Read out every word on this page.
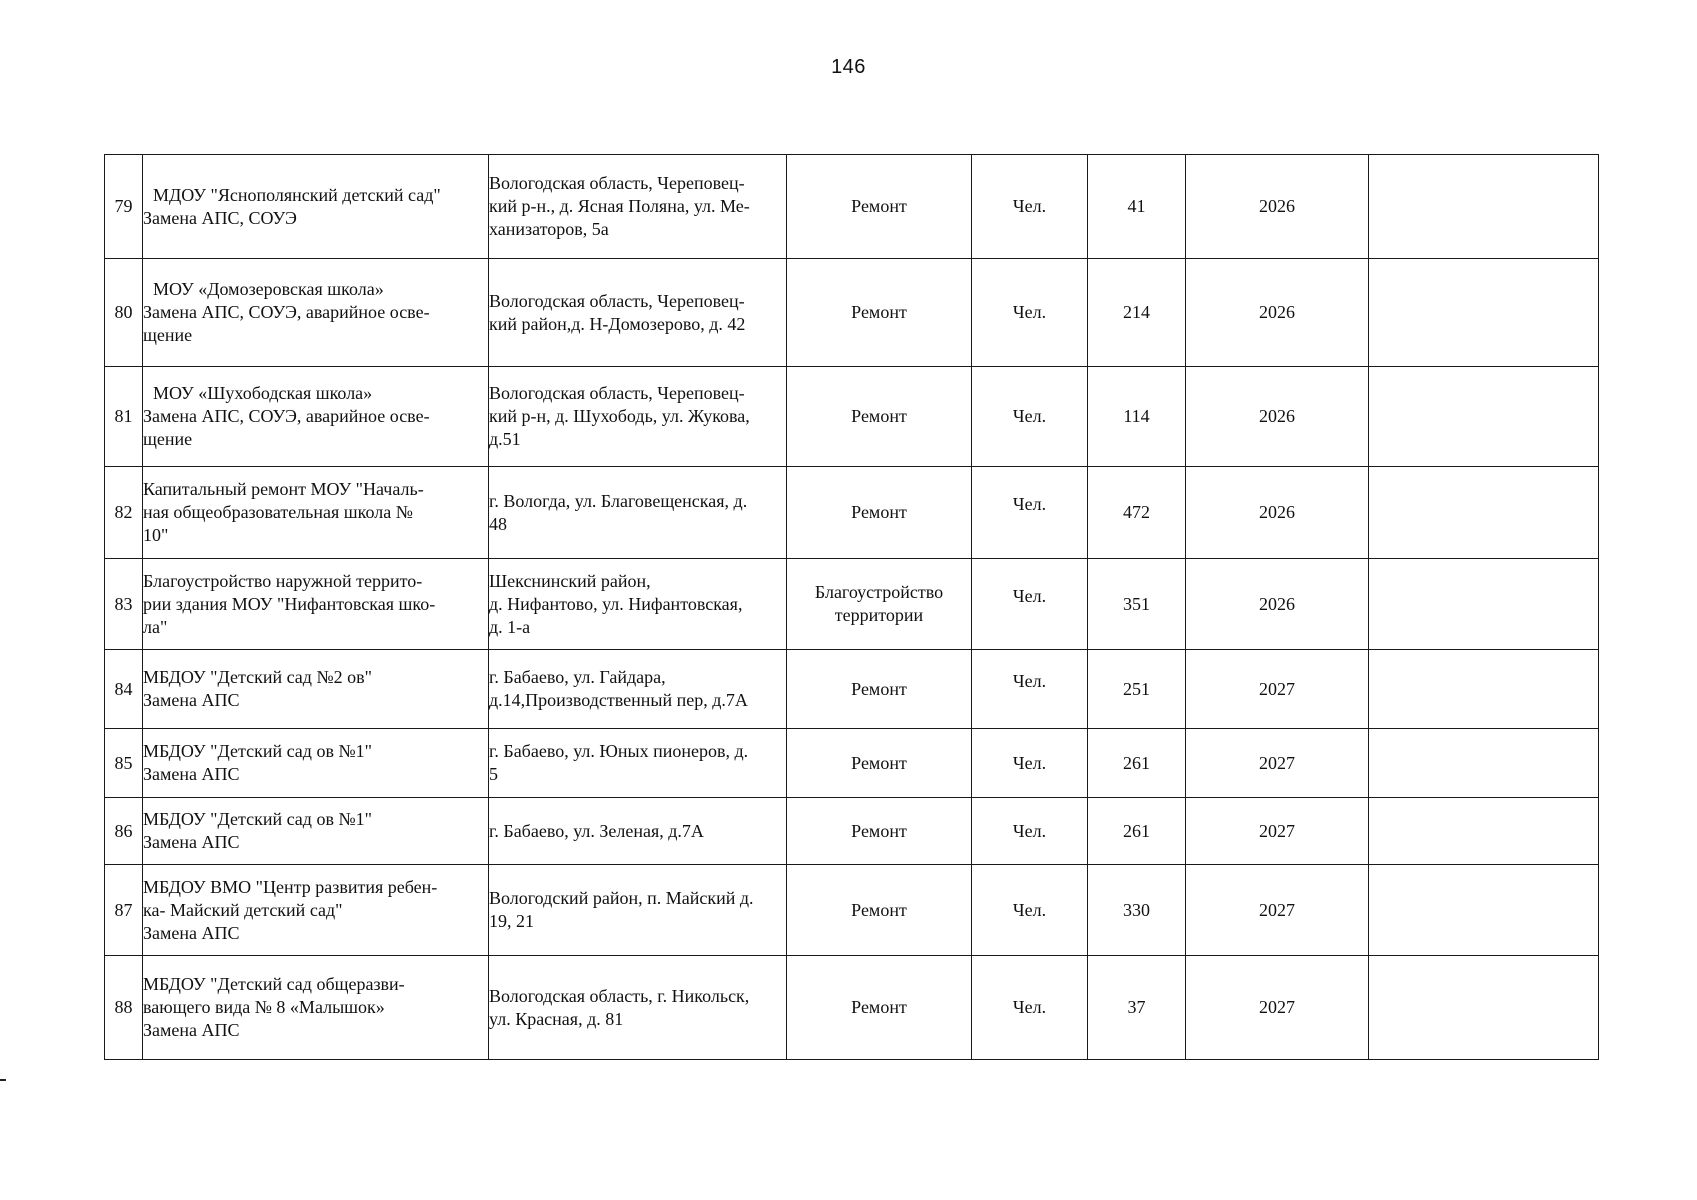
146
79	МДОУ "Яснополянский детский сад"
Замена АПС, СОУЭ	Вологодская область, Череповец-
кий р-н., д. Ясная Поляна, ул. Ме-
ханизаторов, 5а	Ремонт	Чел.	41	2026	
80	МОУ «Домозеровская школа»
Замена АПС, СОУЭ, аварийное осве-
щение	Вологодская область, Череповец-
кий район,д. Н-Домозерово, д. 42	Ремонт	Чел.	214	2026	
81	МОУ «Шухободская школа»
Замена АПС, СОУЭ, аварийное осве-
щение	Вологодская область, Череповец-
кий р-н, д. Шухободь, ул. Жукова,
д.51	Ремонт	Чел.	114	2026	
82	Капитальный ремонт МОУ "Началь-
ная общеобразовательная школа №
10"	г. Вологда, ул. Благовещенская, д.
48	Ремонт	Чел.	472	2026	
83	Благоустройство наружной террито-
рии здания МОУ "Нифантовская шко-
ла"	Шекснинский район,
д. Нифантово, ул. Нифантовская,
д. 1-а	Благоустройство
территории	Чел.	351	2026	
84	МБДОУ "Детский сад №2 ов"
Замена АПС	г. Бабаево, ул. Гайдара,
д.14,Производственный пер, д.7А	Ремонт	Чел.	251	2027	
85	МБДОУ "Детский сад ов №1"
Замена АПС	г. Бабаево, ул. Юных пионеров, д.
5	Ремонт	Чел.	261	2027	
86	МБДОУ "Детский сад ов №1"
Замена АПС	г. Бабаево, ул. Зеленая, д.7А	Ремонт	Чел.	261	2027	
87	МБДОУ ВМО "Центр развития ребен-
ка- Майский детский сад"
Замена АПС	Вологодский район, п. Майский д.
19, 21	Ремонт	Чел.	330	2027	
88	МБДОУ "Детский сад общеразви-
вающего вида № 8 «Малышок»
Замена АПС	Вологодская область, г. Никольск,
ул. Красная, д. 81	Ремонт	Чел.	37	2027	
